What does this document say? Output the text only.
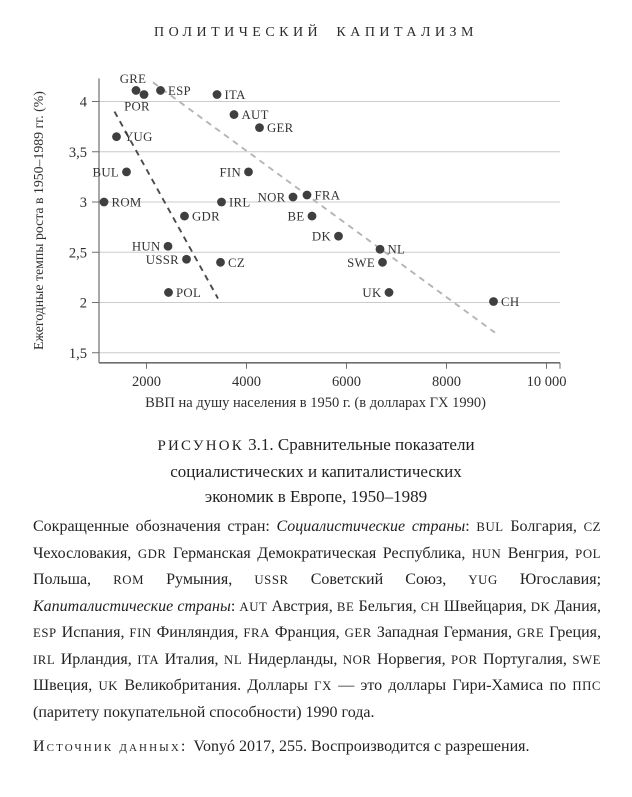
ПОЛИТИЧЕСКИЙ КАПИТАЛИЗМ
4
3,5
3
2,5
2
1,5
2000	4000	6000	8000	10 000
ROM
YUG
BUL
HUN
POL
GDR
USSR	CZ
GRE
POR
ESP	ITA
IRL
AUT
FIN
GER
NOR FRA
BE
DK
NL
SWE
UK
CH
ВВП на душу населения в 1950 г. (в долларах ГХ 1990)
Ежегодные темпы роста в 1950–1989 гг. (%)
РИСУНОК 3.1. Сравнительные показатели
социалистических и капиталистических
экономик в Европе, 1950–1989

Сокращенные обозначения стран: Социалистические страны: BUL Болгария, CZ Чехословакия, GDR Германская Демократическая Республика, HUN Венгрия, POL Польша, ROM Румыния, USSR Советский Союз, YUG Югославия; Капиталистические страны: AUT Австрия, BE Бельгия, CH Швейцария, DK Дания, ESP Испания, FIN Финляндия, FRA Франция, GER Западная Германия, GRE Греция, IRL Ирландия, ITA Италия, NL Нидерланды, NOR Норвегия, POR Португалия, SWE Швеция, UK Великобритания. Доллары ГХ — это доллары Гири-Хамиса по ППС (паритету покупательной способности) 1990 года.

Источник данных: Vonyó 2017, 255. Воспроизводится с разрешения.
